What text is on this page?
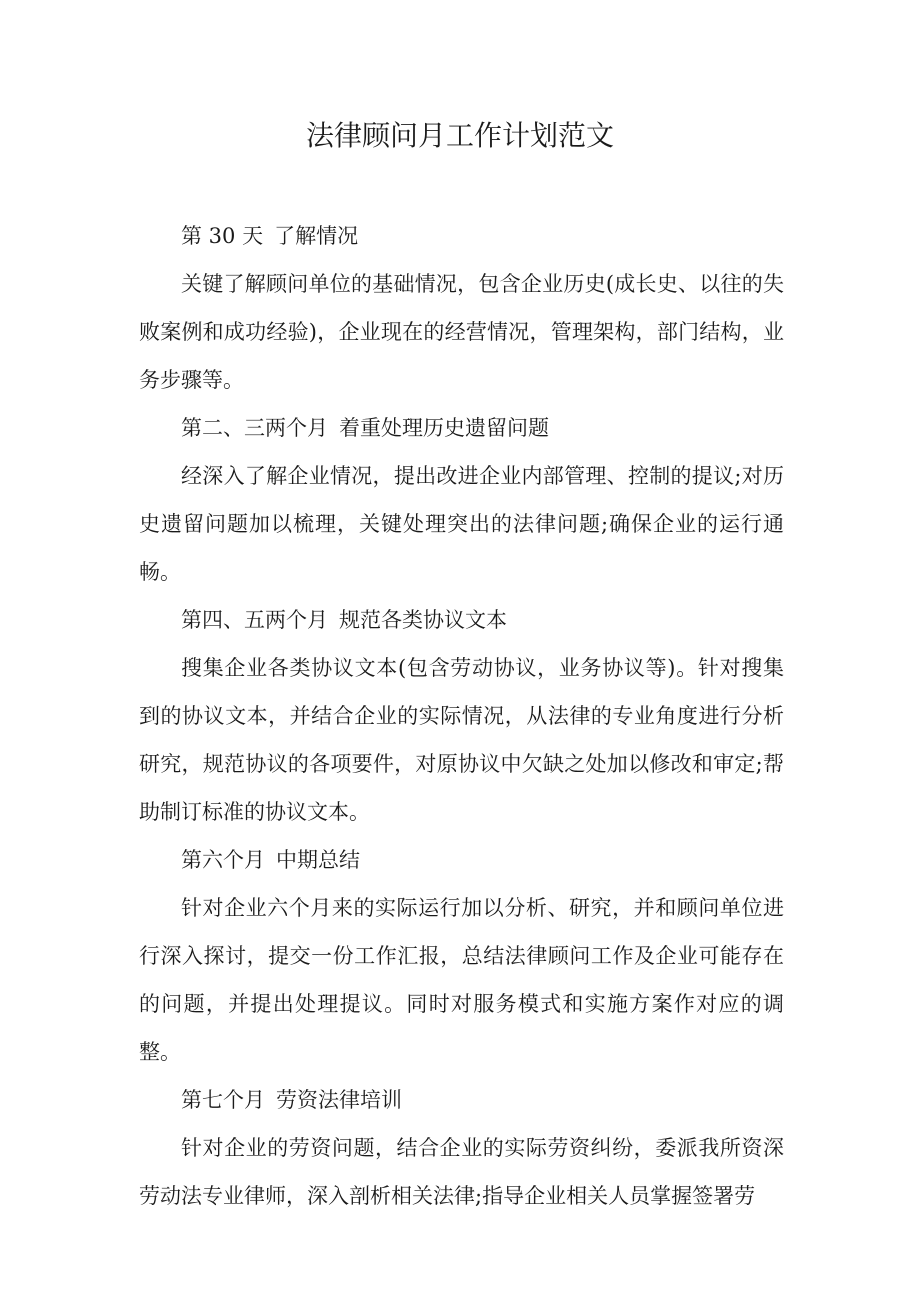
法律顾问月工作计划范文

第 30 天 了解情况

关键了解顾问单位的基础情况，包含企业历史(成长史、以往的失败案例和成功经验)，企业现在的经营情况，管理架构，部门结构，业务步骤等。

第二、三两个月 着重处理历史遗留问题

经深入了解企业情况，提出改进企业内部管理、控制的提议;对历史遗留问题加以梳理，关键处理突出的法律问题;确保企业的运行通畅。

第四、五两个月 规范各类协议文本

搜集企业各类协议文本(包含劳动协议，业务协议等)。针对搜集到的协议文本，并结合企业的实际情况，从法律的专业角度进行分析研究，规范协议的各项要件，对原协议中欠缺之处加以修改和审定;帮助制订标准的协议文本。

第六个月 中期总结

针对企业六个月来的实际运行加以分析、研究，并和顾问单位进行深入探讨，提交一份工作汇报，总结法律顾问工作及企业可能存在的问题，并提出处理提议。同时对服务模式和实施方案作对应的调整。

第七个月 劳资法律培训

针对企业的劳资问题，结合企业的实际劳资纠纷，委派我所资深劳动法专业律师，深入剖析相关法律;指导企业相关人员掌握签署劳
